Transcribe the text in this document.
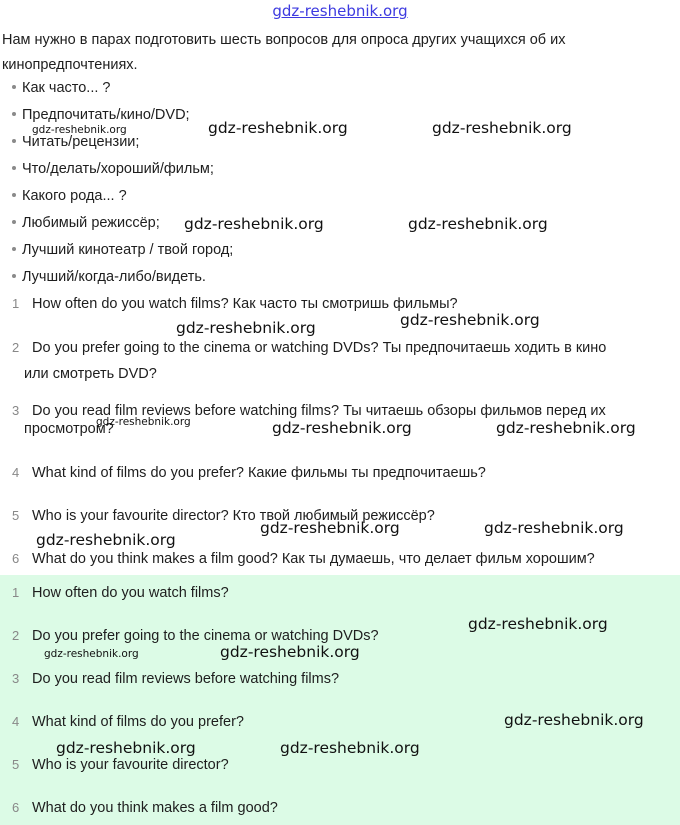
gdz-reshebnik.org
Нам нужно в парах подготовить шесть вопросов для опроса других учащихся об их кинопредпочтениях.
Как часто... ?
Предпочитать/кино/DVD;
Читать/рецензии;
Что/делать/хороший/фильм;
Какого рода... ?
Любимый режиссёр;
Лучший кинотеатр / твой город;
Лучший/когда-либо/видеть.
1 How often do you watch films? Как часто ты смотришь фильмы?
2 Do you prefer going to the cinema or watching DVDs? Ты предпочитаешь ходить в кино
или смотреть DVD?
3 Do you read film reviews before watching films? Ты читаешь обзоры фильмов перед их
просмотром?
4 What kind of films do you prefer? Какие фильмы ты предпочитаешь?
5 Who is your favourite director? Кто твой любимый режиссёр?
6 What do you think makes a film good? Как ты думаешь, что делает фильм хорошим?
1 How often do you watch films?
2 Do you prefer going to the cinema or watching DVDs?
3 Do you read film reviews before watching films?
4 What kind of films do you prefer?
5 Who is your favourite director?
6 What do you think makes a film good?
gdz-reshebnik.org	gdz-reshebnik.org	gdz-reshebnik.org
gdz-reshebnik.org	gdz-reshebnik.org
gdz-reshebnik.org	gdz-reshebnik.org
gdz-reshebnik.org	gdz-reshebnik.org	gdz-reshebnik.org
gdz-reshebnik.org	gdz-reshebnik.org
gdz-reshebnik.org
gdz-reshebnik.org
gdz-reshebnik.org	gdz-reshebnik.org
gdz-reshebnik.org
gdz-reshebnik.org	gdz-reshebnik.org
